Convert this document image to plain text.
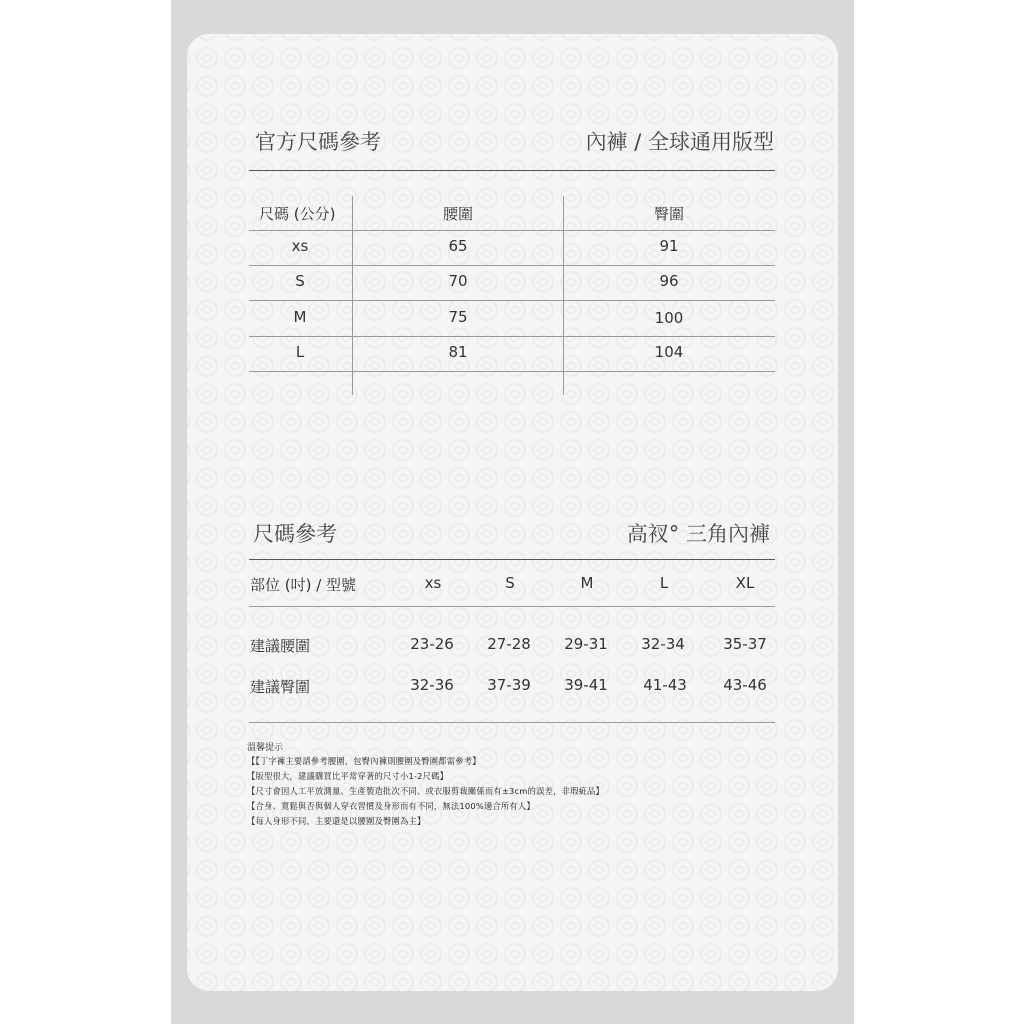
官方尺碼參考	內褲 / 全球通用版型
尺碼 (公分)	腰圍	臀圍
xs	65	91
S	70	96
M	75	100
L	81	104
尺碼參考	高衩° 三角內褲
部位 (吋) / 型號	xs	S	M	L	XL
建議腰圍	23-26	27-28	29-31	32-34	35-37
建議臀圍	32-36	37-39	39-41	41-43	43-46
溫馨提示
【【丁字褲主要請參考腰圍，包臀內褲則腰圍及臀圍都需參考】
【版型很大，建議購買比平常穿著的尺寸小1-2尺碼】
【尺寸會因人工平放測量、生產製造批次不同、或衣服剪裁關係而有±3cm的誤差，非瑕疵品】
【合身、寬鬆與否與個人穿衣習慣及身形而有不同，無法100%適合所有人】
【每人身形不同，主要還是以腰圍及臀圍為主】
